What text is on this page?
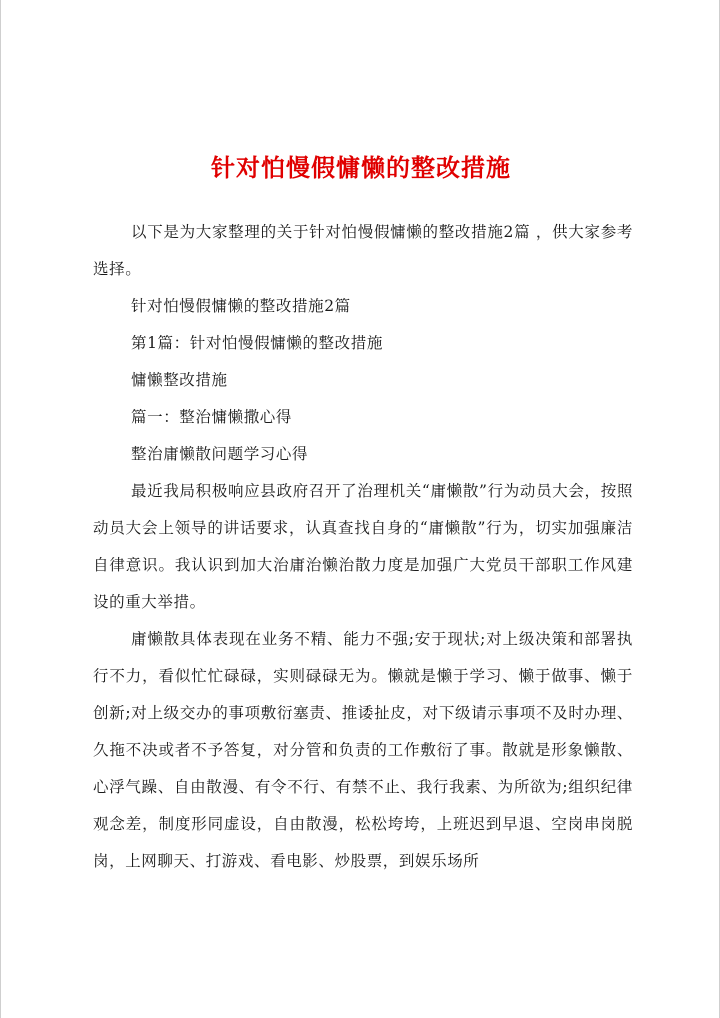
针对怕慢假慵懒的整改措施

以下是为大家整理的关于针对怕慢假慵懒的整改措施2篇 ，供大家参考选择。

针对怕慢假慵懒的整改措施2篇

第1篇：针对怕慢假慵懒的整改措施

慵懒整改措施

篇一：整治慵懒撒心得

整治庸懒散问题学习心得

最近我局积极响应县政府召开了治理机关“庸懒散”行为动员大会，按照动员大会上领导的讲话要求，认真查找自身的“庸懒散”行为，切实加强廉洁自律意识。我认识到加大治庸治懒治散力度是加强广大党员干部职工作风建设的重大举措。

庸懒散具体表现在业务不精、能力不强;安于现状;对上级决策和部署执行不力，看似忙忙碌碌，实则碌碌无为。懒就是懒于学习、懒于做事、懒于创新;对上级交办的事项敷衍塞责、推诿扯皮，对下级请示事项不及时办理、久拖不决或者不予答复，对分管和负责的工作敷衍了事。散就是形象懒散、心浮气躁、自由散漫、有令不行、有禁不止、我行我素、为所欲为;组织纪律观念差，制度形同虚设，自由散漫，松松垮垮，上班迟到早退、空岗串岗脱岗，上网聊天、打游戏、看电影、炒股票，到娱乐场所
